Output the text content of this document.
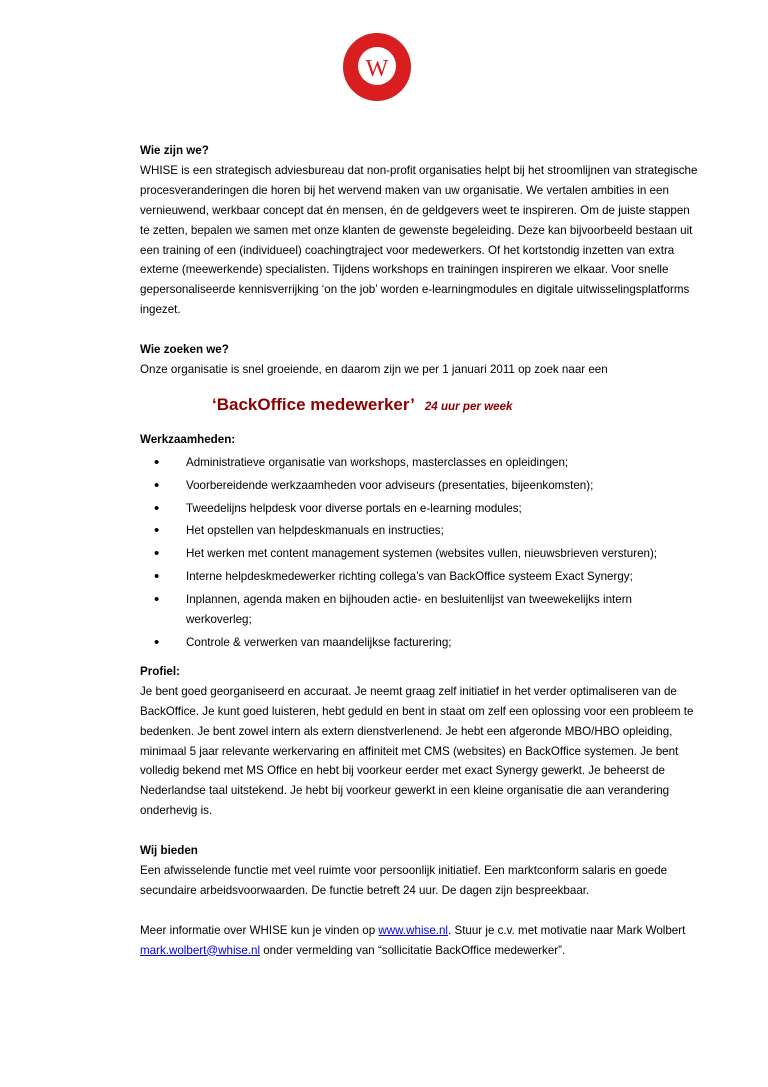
W
Wie zijn we?

WHISE is een strategisch adviesbureau dat non-profit organisaties helpt bij het stroomlijnen van strategische procesveranderingen die horen bij het wervend maken van uw organisatie. We vertalen ambities in een vernieuwend, werkbaar concept dat én mensen, én de geldgevers weet te inspireren. Om de juiste stappen te zetten, bepalen we samen met onze klanten de gewenste begeleiding. Deze kan bijvoorbeeld bestaan uit een training of een (individueel) coachingtraject voor medewerkers. Of het kortstondig inzetten van extra externe (meewerkende) specialisten. Tijdens workshops en trainingen inspireren we elkaar. Voor snelle gepersonaliseerde kennisverrijking ‘on the job’ worden e-learningmodules en digitale uitwisselingsplatforms ingezet.

Wie zoeken we?

Onze organisatie is snel groeiende, en daarom zijn we per 1 januari 2011 op zoek naar een

‘BackOffice medewerker’ 24 uur per week
Werkzaamheden:
• Administratieve organisatie van workshops, masterclasses en opleidingen;
• Voorbereidende werkzaamheden voor adviseurs (presentaties, bijeenkomsten);
• Tweedelijns helpdesk voor diverse portals en e-learning modules;
• Het opstellen van helpdeskmanuals en instructies;
• Het werken met content management systemen (websites vullen, nieuwsbrieven versturen);
• Interne helpdeskmedewerker richting collega’s van BackOffice systeem Exact Synergy;
• Inplannen, agenda maken en bijhouden actie- en besluitenlijst van tweewekelijks intern werkoverleg;
• Controle & verwerken van maandelijkse facturering;
Profiel:

Je bent goed georganiseerd en accuraat. Je neemt graag zelf initiatief in het verder optimaliseren van de BackOffice. Je kunt goed luisteren, hebt geduld en bent in staat om zelf een oplossing voor een probleem te bedenken. Je bent zowel intern als extern dienstverlenend. Je hebt een afgeronde MBO/HBO opleiding, minimaal 5 jaar relevante werkervaring en affiniteit met CMS (websites) en BackOffice systemen. Je bent volledig bekend met MS Office en hebt bij voorkeur eerder met exact Synergy gewerkt. Je beheerst de Nederlandse taal uitstekend. Je hebt bij voorkeur gewerkt in een kleine organisatie die aan verandering onderhevig is.

Wij bieden

Een afwisselende functie met veel ruimte voor persoonlijk initiatief. Een marktconform salaris en goede secundaire arbeidsvoorwaarden. De functie betreft 24 uur. De dagen zijn bespreekbaar.

Meer informatie over WHISE kun je vinden op www.whise.nl. Stuur je c.v. met motivatie naar Mark Wolbert mark.wolbert@whise.nl onder vermelding van “sollicitatie BackOffice medewerker”.
